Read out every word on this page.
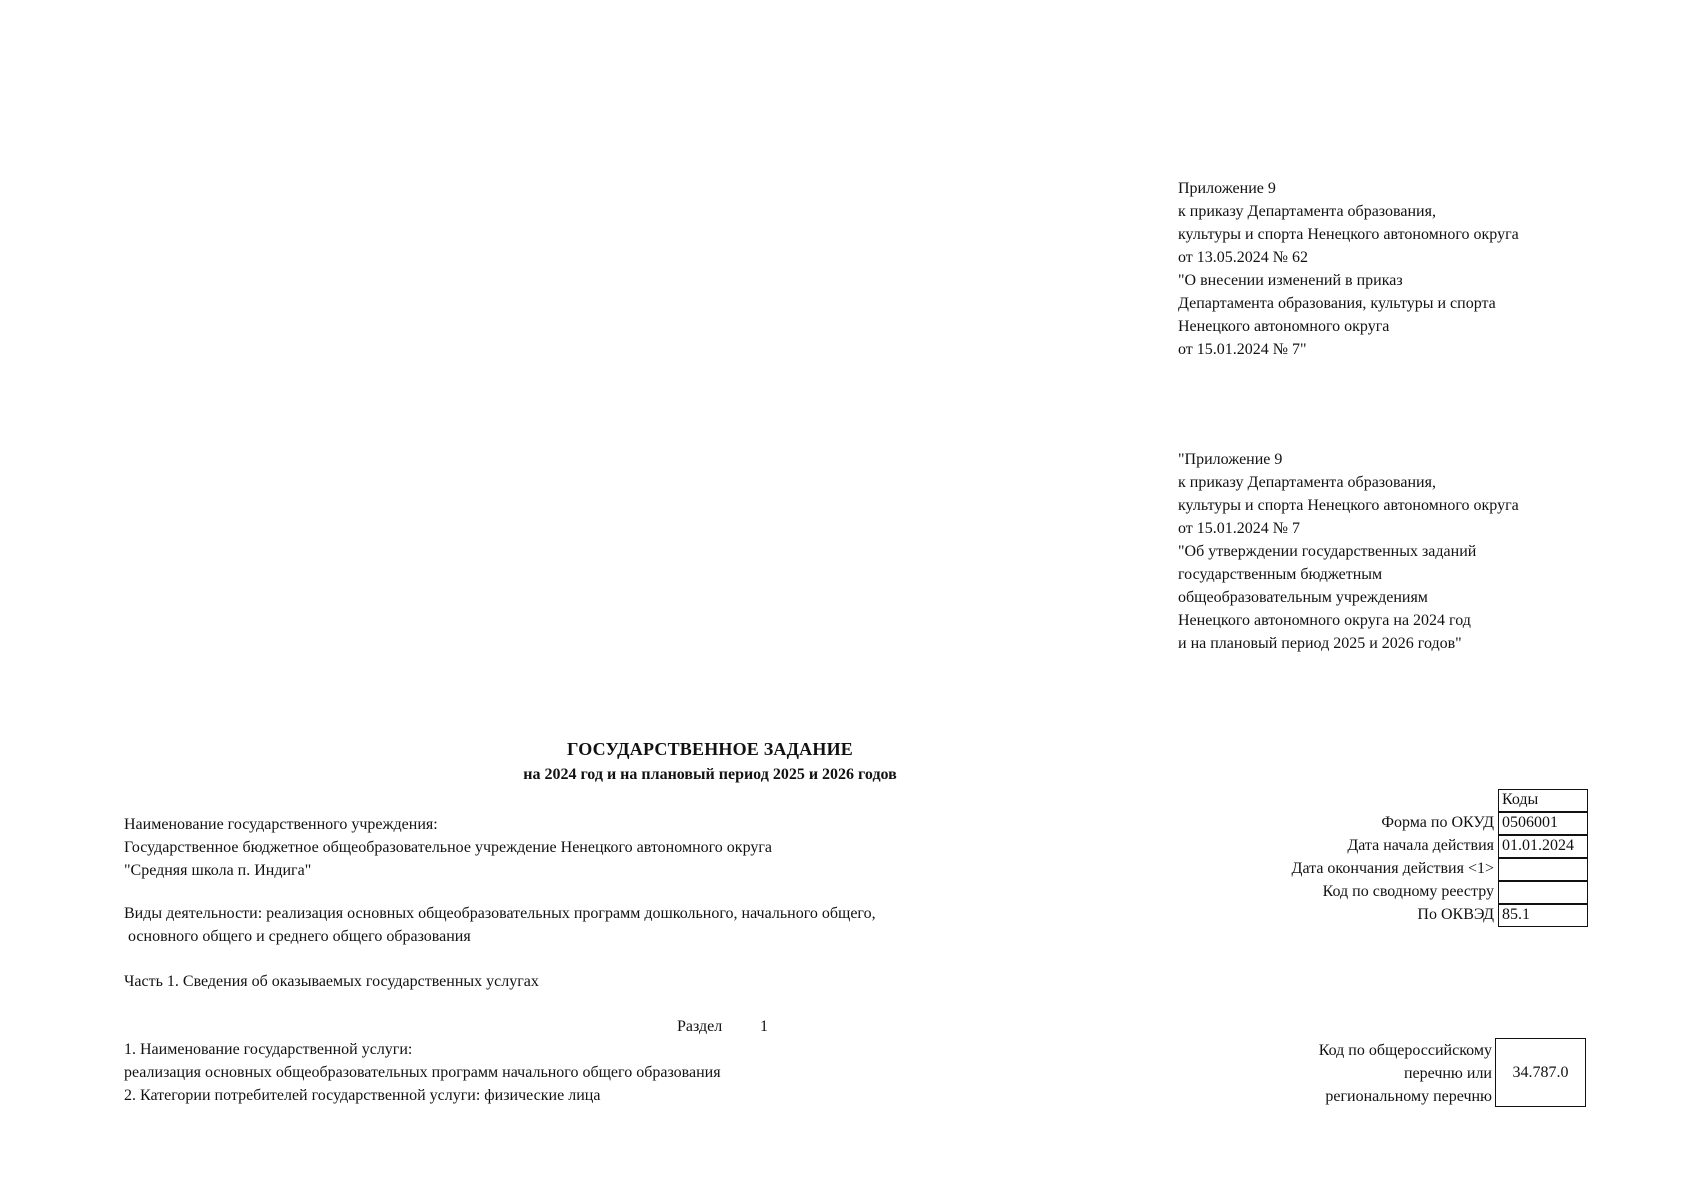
Приложение 9
к приказу Департамента образования,
культуры и спорта Ненецкого автономного округа
от 13.05.2024 № 62
"О внесении изменений в приказ
Департамента образования, культуры и спорта
Ненецкого автономного округа
от 15.01.2024 № 7"
"Приложение 9
к приказу Департамента образования,
культуры и спорта Ненецкого автономного округа
от 15.01.2024 № 7
"Об утверждении государственных заданий
государственным бюджетным
общеобразовательным учреждениям
Ненецкого автономного округа на 2024 год
и на плановый период 2025 и 2026 годов"
ГОСУДАРСТВЕННОЕ ЗАДАНИЕ
на 2024 год и на плановый период 2025 и 2026 годов
Наименование государственного учреждения:
Государственное бюджетное общеобразовательное учреждение Ненецкого автономного округа
"Средняя школа п. Индига"
Виды деятельности: реализация основных общеобразовательных программ дошкольного, начального общего,
основного общего и среднего общего образования
Часть 1. Сведения об оказываемых государственных услугах
Раздел 1
1. Наименование государственной услуги:
реализация основных общеобразовательных программ начального общего образования
2. Категории потребителей государственной услуги: физические лица
Коды
Форма по ОКУД 0506001
Дата начала действия 01.01.2024
Дата окончания действия <1>
Код по сводному реестру
По ОКВЭД 85.1
Код по общероссийскому
перечню или
региональному перечню
34.787.0
